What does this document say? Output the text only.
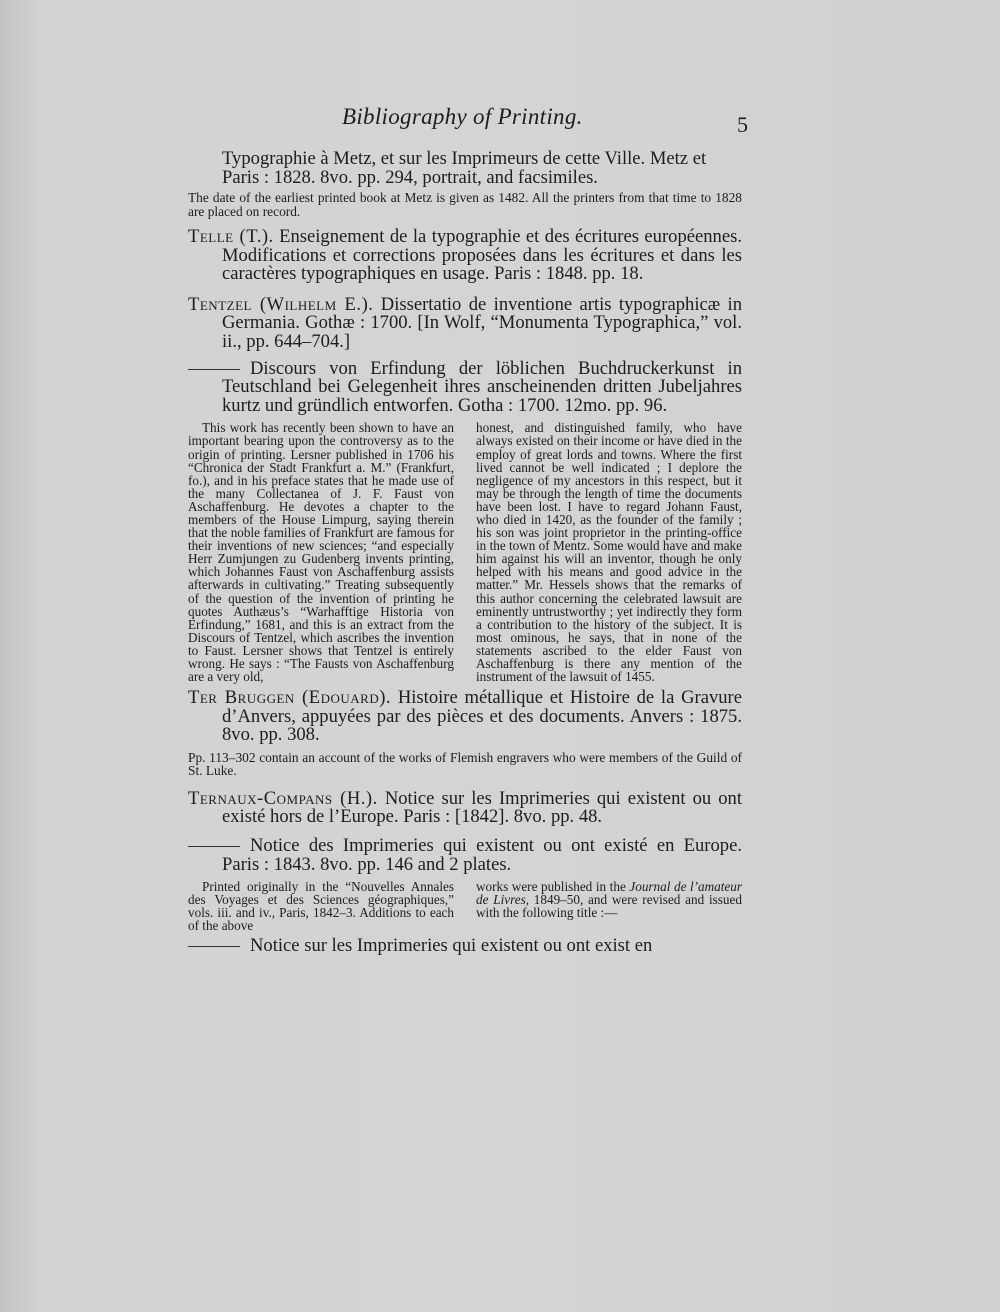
Bibliography of Printing.	5

Typographie à Metz, et sur les Imprimeurs de cette Ville. Metz et
Paris : 1828. 8vo. pp. 294, portrait, and facsimiles.

The date of the earliest printed book at Metz is given as 1482. All the printers from that time to 1828 are placed on record.

Telle (T.). Enseignement de la typographie et des écritures européennes. Modifications et corrections proposées dans les écritures et dans les caractères typographiques en usage. Paris : 1848. pp. 18.

Tentzel (Wilhelm E.). Dissertatio de inventione artis typographicæ in Germania. Gothæ : 1700. [In Wolf, “Monumenta Typographica,” vol. ii., pp. 644–704.]

Discours von Erfindung der löblichen Buchdruckerkunst in Teutschland bei Gelegenheit ihres anscheinenden dritten Jubeljahres kurtz und gründlich entworfen. Gotha : 1700. 12mo. pp. 96.

This work has recently been shown to have an important bearing upon the controversy as to the origin of printing. Lersner published in 1706 his “Chronica der Stadt Frankfurt a. M.” (Frankfurt, fo.), and in his preface states that he made use of the many Collectanea of J. F. Faust von Aschaffenburg. He devotes a chapter to the members of the House Limpurg, saying therein that the noble families of Frankfurt are famous for their inventions of new sciences; “and especially Herr Zumjungen zu Gudenberg invents printing, which Johannes Faust von Aschaffenburg assists afterwards in cultivating.” Treating subsequently of the question of the invention of printing he quotes Authæus’s “Warhafftige Historia von Erfindung,” 1681, and this is an extract from the Discours of Tentzel, which ascribes the invention to Faust. Lersner shows that Tentzel is entirely wrong. He says : “The Fausts von Aschaffenburg are a very old,
honest, and distinguished family, who have always existed on their income or have died in the employ of great lords and towns. Where the first lived cannot be well indicated ; I deplore the negligence of my ancestors in this respect, but it may be through the length of time the documents have been lost. I have to regard Johann Faust, who died in 1420, as the founder of the family ; his son was joint proprietor in the printing-office in the town of Mentz. Some would have and make him against his will an inventor, though he only helped with his means and good advice in the matter.” Mr. Hessels shows that the remarks of this author concerning the celebrated lawsuit are eminently untrustworthy ; yet indirectly they form a contribution to the history of the subject. It is most ominous, he says, that in none of the statements ascribed to the elder Faust von Aschaffenburg is there any mention of the instrument of the lawsuit of 1455.

Ter Bruggen (Edouard). Histoire métallique et Histoire de la Gravure d’Anvers, appuyées par des pièces et des documents. Anvers : 1875. 8vo. pp. 308.

Pp. 113–302 contain an account of the works of Flemish engravers who were members of the Guild of St. Luke.

Ternaux-Compans (H.). Notice sur les Imprimeries qui existent ou ont existé hors de l’Europe. Paris : [1842]. 8vo. pp. 48.

Notice des Imprimeries qui existent ou ont existé en Europe. Paris : 1843. 8vo. pp. 146 and 2 plates.

Printed originally in the “Nouvelles Annales des Voyages et des Sciences géographiques,” vols. iii. and iv., Paris, 1842–3. Additions to each of the above
works were published in the Journal de l’amateur de Livres, 1849–50, and were revised and issued with the following title :—

Notice sur les Imprimeries qui existent ou ont exist en
